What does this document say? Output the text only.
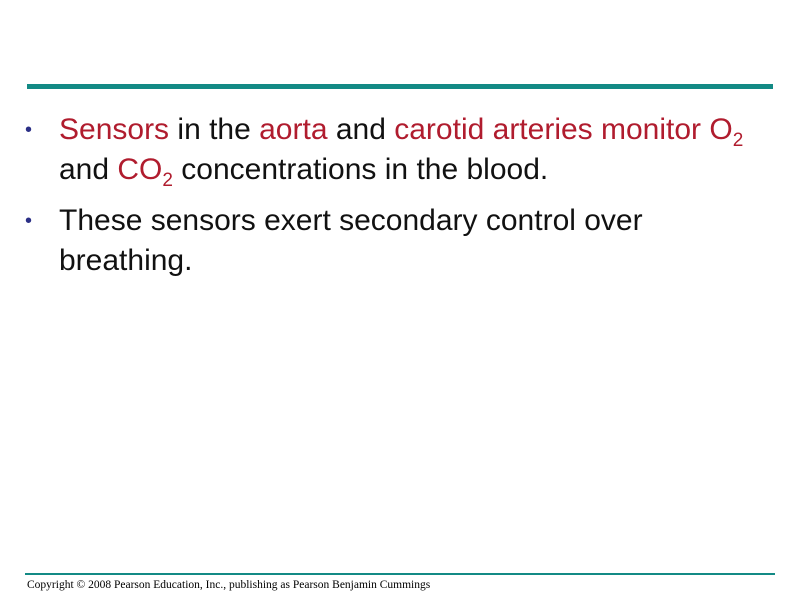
• Sensors in the aorta and carotid arteries monitor $O_2$ and $CO_2$ concentrations in the blood.
• These sensors exert secondary control over breathing.
Copyright © 2008 Pearson Education, Inc., publishing as Pearson Benjamin Cummings
